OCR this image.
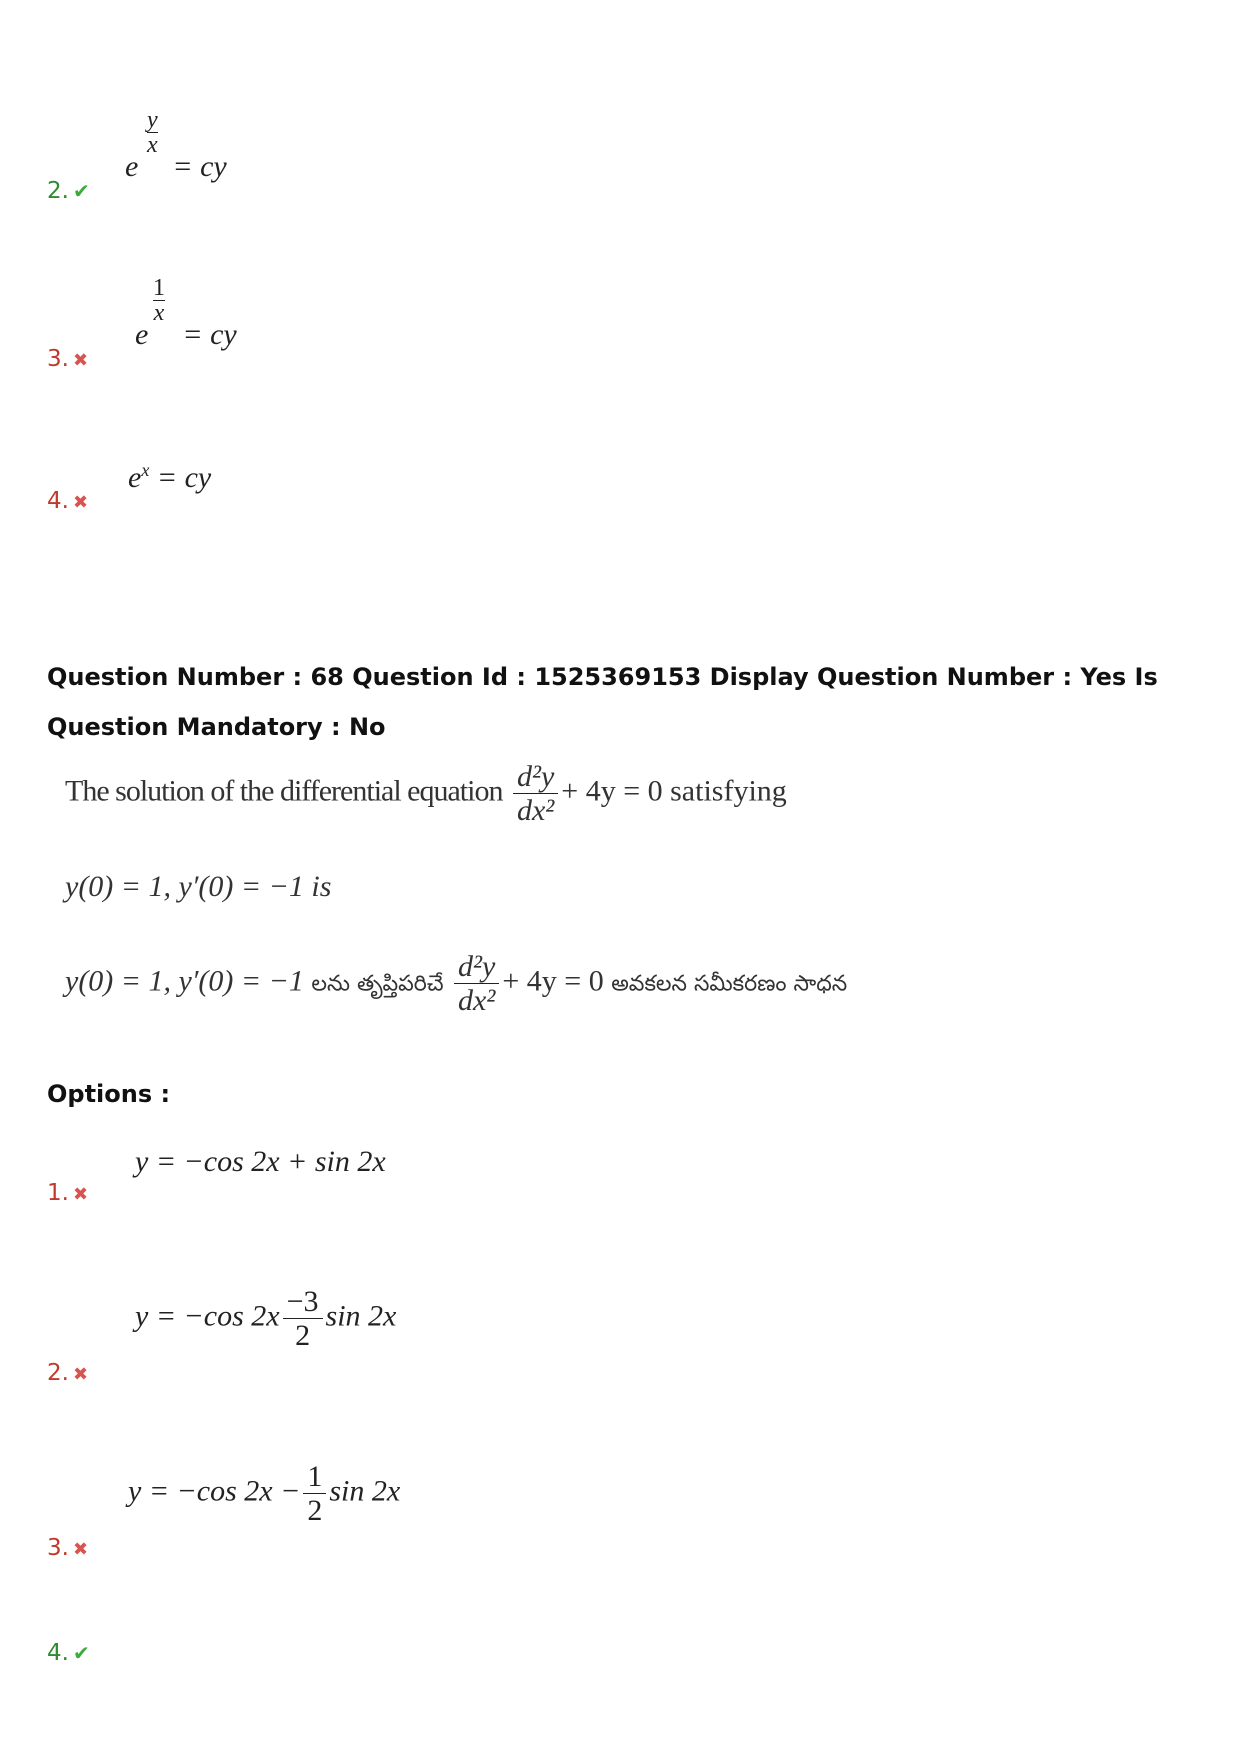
2. ✔
e
y
x
= cy
3. ✖
e
1
x
= cy
4. ✖
$e^x$ = cy
Question Number : 68 Question Id : 1525369153 Display Question Number : Yes Is Question Mandatory : No
The solution of the differential equation $\frac{\text{d²y}}{\text{dx²}} + 4y = 0$ satisfying
y(0) = 1, y′(0) = −1 is
y(0) = 1, y′(0) = −1 లను తృప్తిపరిచే $\frac{\text{d²y}}{\text{dx²}} + 4y = 0$ అవకలన సమీకరణం సాధన
Options :
1. ✖
y = −cos 2x + sin 2x
2. ✖
y = −cos $2x \frac{-3}{2}$ sin 2x
3. ✖
y = −cos $2x - \frac{1}{2}$ sin 2x
4. ✔
